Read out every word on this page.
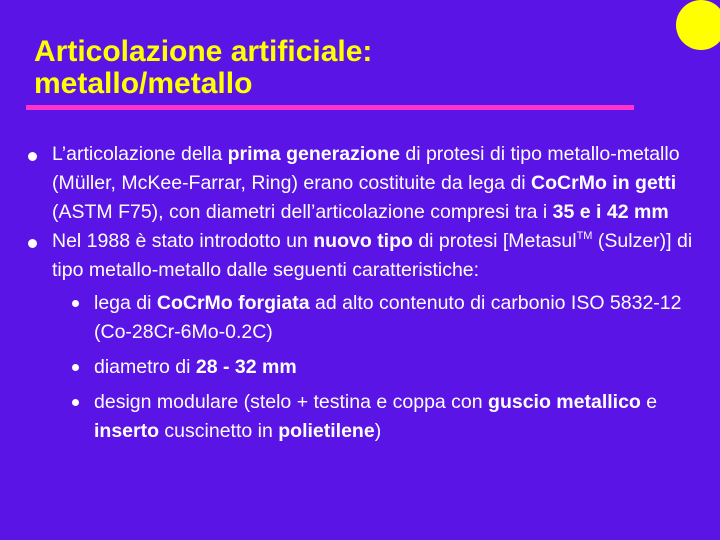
Articolazione artificiale:
metallo/metallo
L’articolazione della prima generazione di protesi di tipo metallo-metallo (Müller, McKee-Farrar, Ring) erano costituite da lega di CoCrMo in getti (ASTM F75), con diametri dell’articolazione compresi tra i 35 e i 42 mm
Nel 1988 è stato introdotto un nuovo tipo di protesi [Metasul™ (Sulzer)] di tipo metallo-metallo dalle seguenti caratteristiche:
lega di CoCrMo forgiata ad alto contenuto di carbonio ISO 5832-12 (Co-28Cr-6Mo-0.2C)
diametro di 28 - 32 mm
design modulare (stelo + testina e coppa con guscio metallico e inserto cuscinetto in polietilene)
